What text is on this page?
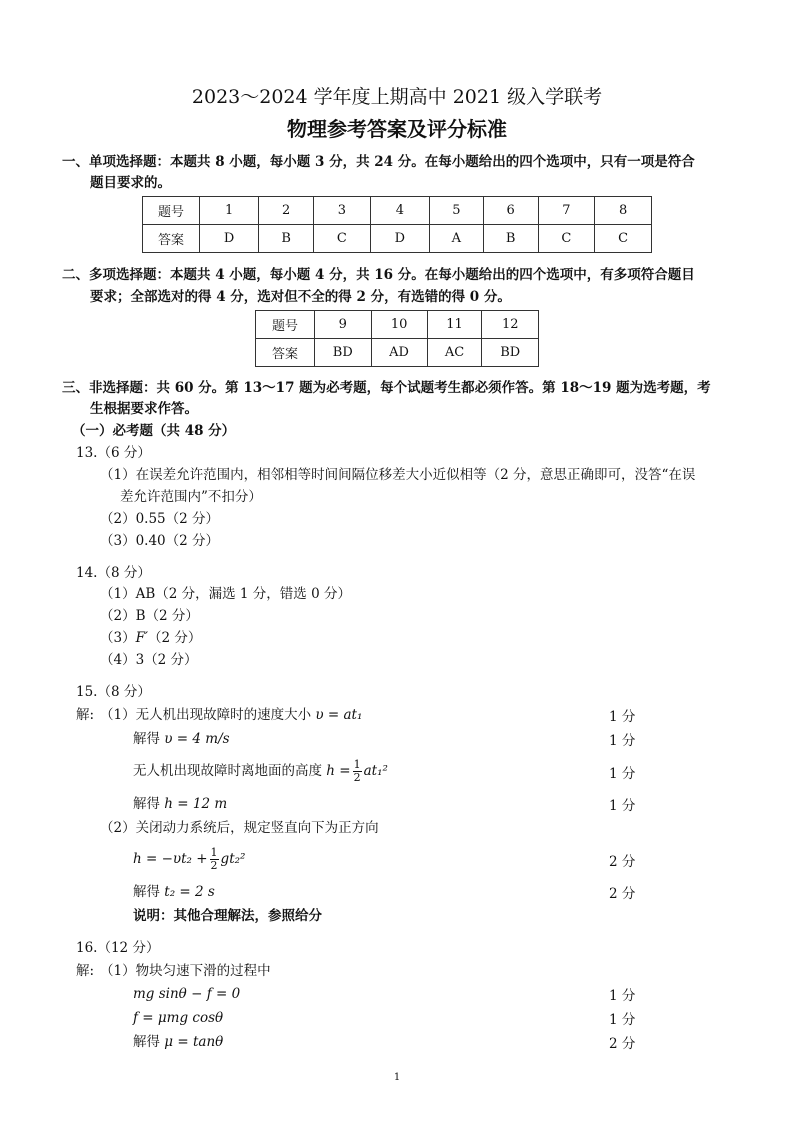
2023～2024 学年度上期高中 2021 级入学联考
物理参考答案及评分标准
一、单项选择题：本题共 8 小题，每小题 3 分，共 24 分。在每小题给出的四个选项中，只有一项是符合
题目要求的。
题号	1	2	3	4	5	6	7	8
答案	D	B	C	D	A	B	C	C
二、多项选择题：本题共 4 小题，每小题 4 分，共 16 分。在每小题给出的四个选项中，有多项符合题目
要求；全部选对的得 4 分，选对但不全的得 2 分，有选错的得 0 分。
题号	9	10	11	12
答案	BD	AD	AC	BD
三、非选择题：共 60 分。第 13～17 题为必考题，每个试题考生都必须作答。第 18～19 题为选考题，考
生根据要求作答。
（一）必考题（共 48 分）
13.（6 分）
（1）在误差允许范围内，相邻相等时间间隔位移差大小近似相等（2 分，意思正确即可，没答“在误
差允许范围内”不扣分）
（2）0.55（2 分）
（3）0.40（2 分）
14.（8 分）
（1）AB（2 分，漏选 1 分，错选 0 分）
（2）B（2 分）
（3）F′（2 分）
（4）3（2 分）
15.（8 分）
解: （1）无人机出现故障时的速度大小 υ = at₁	1 分
解得 υ = 4 m/s	1 分
无人机出现故障时离地面的高度 $h = \frac{1}{2} at_1^2$	1 分
解得 h = 12 m	1 分
（2）关闭动力系统后，规定竖直向下为正方向
$h = -\upsilon t_2 + \frac{1}{2} gt_2^2$	2 分
解得 t₂ = 2 s	2 分
说明：其他合理解法，参照给分
16.（12 分）
解: （1）物块匀速下滑的过程中
mg sinθ − f = 0	1 分
f = μmg cosθ	1 分
解得 μ = tanθ	2 分
1
